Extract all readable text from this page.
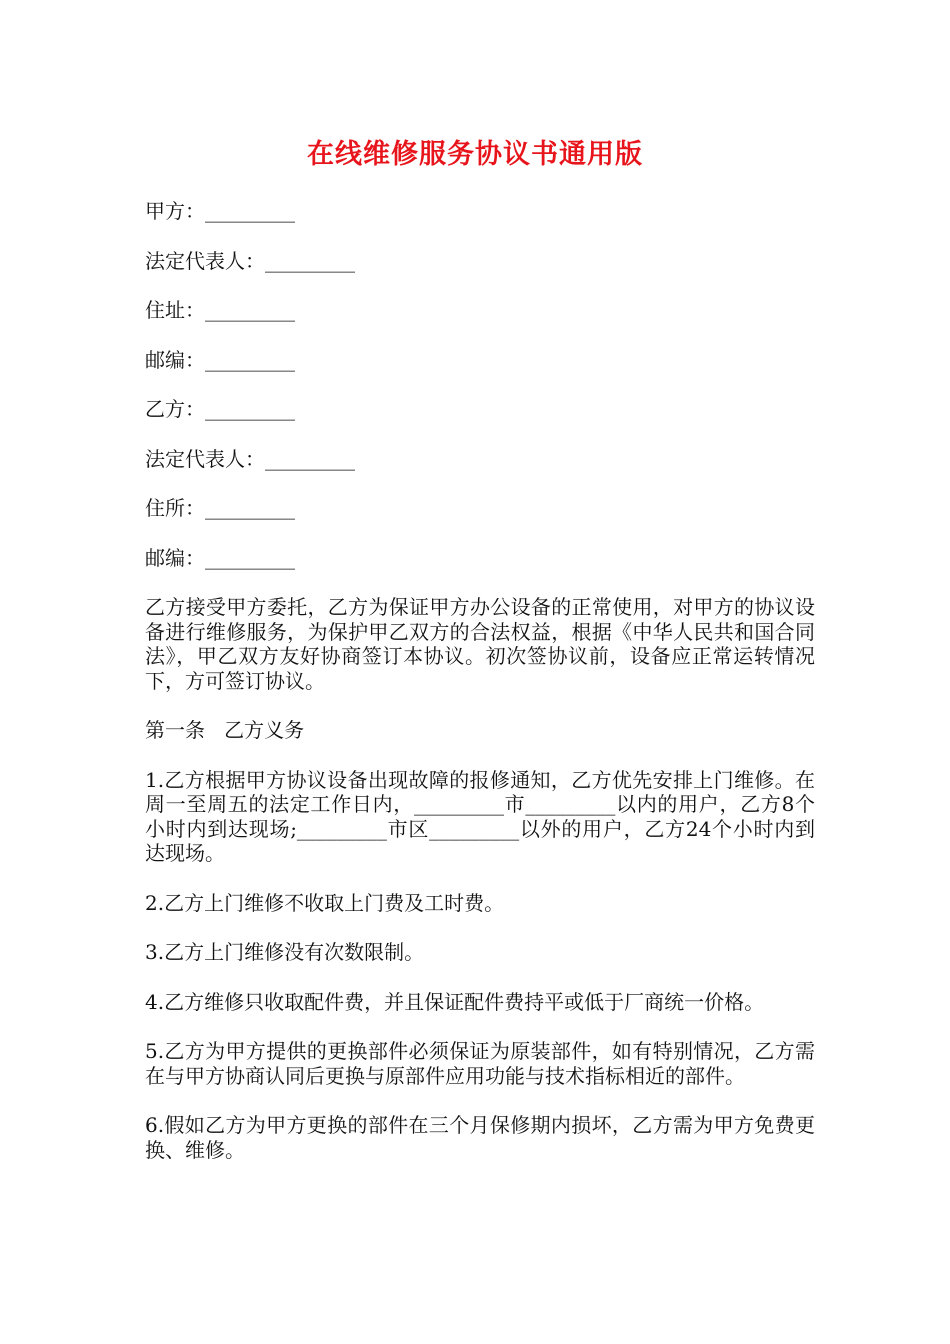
在线维修服务协议书通用版
甲方：_________
法定代表人：_________
住址：_________
邮编：_________
乙方：_________
法定代表人：_________
住所：_________
邮编：_________

乙方接受甲方委托，乙方为保证甲方办公设备的正常使用，对甲方的协议设备进行维修服务，为保护甲乙双方的合法权益，根据《中华人民共和国合同法》，甲乙双方友好协商签订本协议。初次签协议前，设备应正常运转情况下，方可签订协议。

第一条   乙方义务

1.乙方根据甲方协议设备出现故障的报修通知，乙方优先安排上门维修。在周一至周五的法定工作日内，_________市_________以内的用户，乙方8个小时内到达现场;_________市区_________以外的用户，乙方24个小时内到达现场。

2.乙方上门维修不收取上门费及工时费。

3.乙方上门维修没有次数限制。

4.乙方维修只收取配件费，并且保证配件费持平或低于厂商统一价格。

5.乙方为甲方提供的更换部件必须保证为原装部件，如有特别情况，乙方需在与甲方协商认同后更换与原部件应用功能与技术指标相近的部件。

6.假如乙方为甲方更换的部件在三个月保修期内损坏，乙方需为甲方免费更换、维修。
